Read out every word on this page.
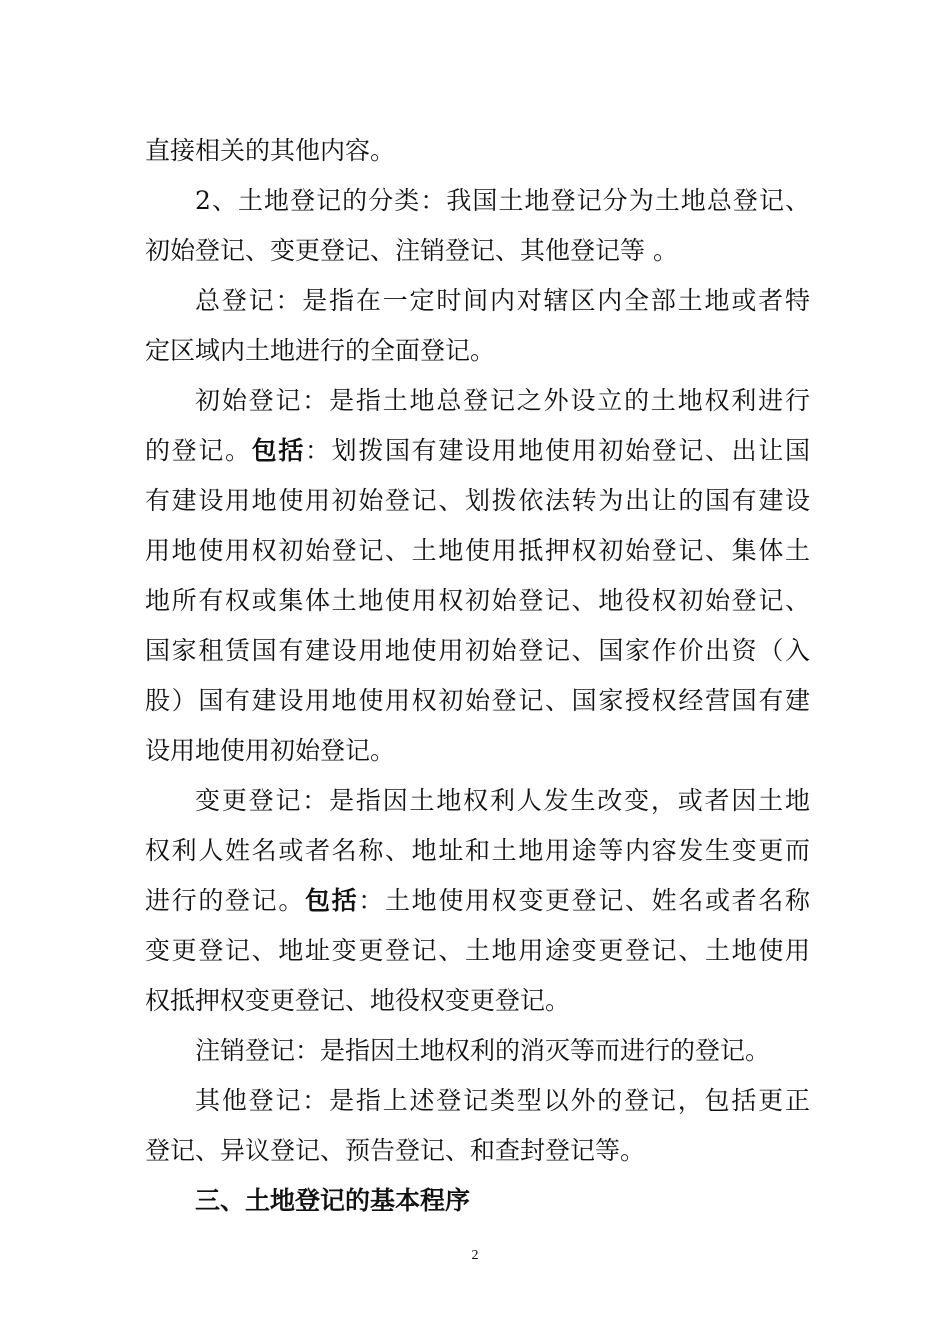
直接相关的其他内容。
2、土地登记的分类：我国土地登记分为土地总登记、
初始登记、变更登记、注销登记、其他登记等 。
总登记：是指在一定时间内对辖区内全部土地或者特
定区域内土地进行的全面登记。
初始登记：是指土地总登记之外设立的土地权利进行
的登记。包括：划拨国有建设用地使用初始登记、出让国
有建设用地使用初始登记、划拨依法转为出让的国有建设
用地使用权初始登记、土地使用抵押权初始登记、集体土
地所有权或集体土地使用权初始登记、地役权初始登记、
国家租赁国有建设用地使用初始登记、国家作价出资（入
股）国有建设用地使用权初始登记、国家授权经营国有建
设用地使用初始登记。
变更登记：是指因土地权利人发生改变，或者因土地
权利人姓名或者名称、地址和土地用途等内容发生变更而
进行的登记。包括：土地使用权变更登记、姓名或者名称
变更登记、地址变更登记、土地用途变更登记、土地使用
权抵押权变更登记、地役权变更登记。
注销登记：是指因土地权利的消灭等而进行的登记。
其他登记：是指上述登记类型以外的登记，包括更正
登记、异议登记、预告登记、和查封登记等。
三、土地登记的基本程序
2
